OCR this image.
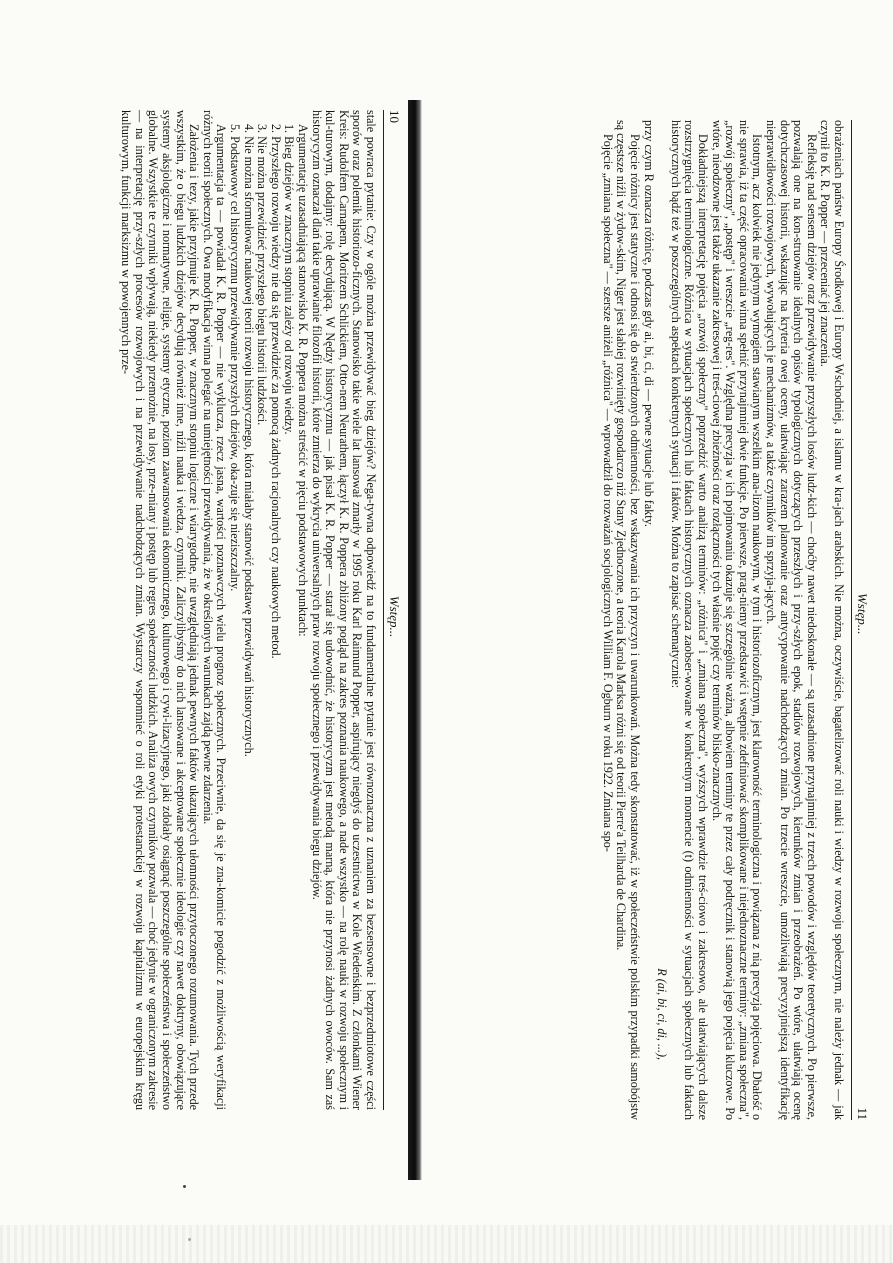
10
Wstęp...

stale powraca pytanie: Czy w ogóle można przewidywać bieg dziejów? Nega-tywna odpowiedź na to fundamentalne pytanie jest równoznaczna z uznaniem za bezsensowne i bezprzedmiotowe części sporów oraz polemik historiozo-ficznych. Stanowisko takie wiele lat lansował zmarły w 1995 roku Karl Raimund Popper, aspirujący niegdyś do uczestnictwa w Kole Wiedeńskim. Z członkami Wiener Kreis: Rudolfem Carnapem, Moritzem Schlickiem, Otto-nem Neurathem, łączył K. R. Poppera zbliżony pogląd na zakres poznania naukowego, a nade wszystko — na rolę nauki w rozwoju społecznym i kul-turowym, dodajmy: rolę decydującą. W Nędzy historycyzmu — jak pisał K. R. Popper — starał się udowodnić, że historycyzm jest metodą marną, która nie przynosi żadnych owoców. Sam zaś historycyzm oznaczał dlań takie uprawianie filozofii historii, które zmierza do wykrycia uniwersalnych praw rozwoju społecznego i przewidywania biegu dziejów.

Argumentację uzasadniającą stanowisko K. R. Poppera można streścić w pięciu podstawowych punktach:

1. Bieg dziejów w znacznym stopniu zależy od rozwoju wiedzy.

2. Przyszłego rozwoju wiedzy nie da się przewidzieć za pomocą żadnych racjonalnych czy naukowych metod.

3. Nie można przewidzieć przyszłego biegu historii ludzkości.

4. Nie można sformułować naukowej teorii rozwoju historycznego, która miałaby stanowić podstawę przewidywań historycznych.

5. Podstawowy cel historycyzmu przewidywanie przyszłych dziejów, oka-zuje się nieziszczalny.

Argumentacja ta — powiadał K. R. Popper — nie wyklucza, rzecz jasna, wartości poznawczych wielu prognoz społecznych. Przeciwnie, da się je zna-komicie pogodzić z możliwością weryfikacji różnych teorii społecznych. Owa modyfikacja winna polegać na umiejętności przewidywania, że w określonych warunkach zajdą pewne zdarzenia.

Założenia i tezy, jakie przyjmuje K. R. Popper, w znacznym stopniu logiczne i wiarygodne, nie uwzględniają jednak pewnych faktów ukazujących ułomności przytoczonego rozumowania. Tych przede wszystkim, że o biegu ludzkich dziejów decydują również inne, niźli nauka i wiedza, czynniki. Zaliczylibyśmy do nich lansowane i akceptowane społecznie ideologie czy nawet doktryny, obowiązujące systemy aksjologiczne i normatywne, religie, systemy etyczne, poziom zaawansowania ekonomicznego, kulturowego i cywi-lizacyjnego, jaki zdołały osiągnąć poszczególne społeczeństwa i społeczeństwo globalne. Wszystkie te czynniki wpływają, niekiedy przemożnie, na losy, prze-miany i postęp lub regres społeczności ludzkich. Analiza owych czynników pozwala — choć jedynie w ograniczonym zakresie — na interpretację przy-szłych procesów rozwojowych i na przewidywanie nadchodzących zmian. Wystarczy wspomnieć o roli etyki protestanckiej w rozwoju kapitalizmu w europejskim kręgu kulturowym, funkcji marksizmu w powojennych prze-

Wstęp...
11

obrażeniach państw Europy Środkowej i Europy Wschodniej, a islamu w kra-jach arabskich. Nie można, oczywiście, bagatelizować roli nauki i wiedzy w rozwoju społecznym, nie należy jednak — jak czynił to K. R. Popper — przeceniać jej znaczenia.

Refleksję nad sensem dziejów oraz przewidywanie przyszłych losów ludz-kich — choćby nawet niedoskonałe — są uzasadnione przynajmniej z trzech powodów i względów teoretycznych. Po pierwsze, pozwalają one na kon-struowanie idealnych opisów typologicznych dotyczących przeszłych i przy-szłych epok, stadiów rozwojowych, kierunków zmian i przeobrażeń. Po wtóre, ułatwiają ocenę dotychczasowej historii, wskazując na kryteria owej oceny, ułatwiając zarazem planowanie oraz antycypowanie nadchodzących zmian. Po trzecie wreszcie, umożliwiają precyzyjniejszą identyfikację nieprawidłowości rozwojowych, wywołujących je mechanizmów, a także czynników im sprzyja-jących.

Istotnym, acz kolwiek nie jedynym wymogiem stawianym wszelkim ana-lizom naukowym, w tym i historiozoficznym, jest klarowność terminologiczna i powiązana z nią precyzja pojęciowa. Dbałość o nie sprawia, iż ta część opracowania winna spełnić przynajmniej dwie funkcje. Po pierwsze, prag-niemy przedstawić i wstępnie zdefiniować skomplikowane i niejednoznaczne terminy: „zmiana społeczna", „rozwój społeczny", „postęp" i wreszcie „reg-res". Względna precyzja w ich pojmowaniu okazuje się szczególnie ważna, albowiem terminy te przez cały podręcznik i stanowią jego pojęcia kluczowe. Po wtóre, nieodzowne jest także ukazanie zakresowej i treś-ciowej zbieżności oraz rozłączności tych właśnie pojęć czy terminów blisko-znacznych.

Dokładniejszą interpretację pojęcia „rozwój społeczny" poprzedzić warto analizą terminów: „różnica" i „zmiana społeczna", wyższych wprawdzie treś-ciowo i zakresowo, ale ułatwiających dalsze rozstrzygnięcia terminologiczne. Różnica w sytuacjach społecznych lub faktach historycznych oznacza zaobser-wowane w konkretnym momencie (t) odmienności w sytuacjach społecznych lub faktach historycznych bądź też w poszczególnych aspektach konkretnych sytuacji i faktów. Można to zapisać schematycznie:

R (ai, bi, ci, di, ...),

przy czym R oznacza różnicę, podczas gdy ai, bi, ci, di — pewne sytuacje lub fakty.

Pojęcie różnicy jest statyczne i odnosi się do stwierdzonych odmienności, bez wskazywania ich przyczyn i uwarunkowań. Można tedy skonstatować, iż w społeczeństwie polskim przypadki samobójstw są częstsze niźli w żydow-skim, Niger jest słabiej rozwinięty gospodarczo niż Stany Zjednoczone, a teoria Karola Marksa różni się od teorii Pierre'a Teilharda de Chardina.

Pojęcie „zmiana społeczna" — szersze aniżeli „różnica" — wprowadził do rozważań socjologicznych William F. Ogburn w roku 1922. Zmiana spo-
